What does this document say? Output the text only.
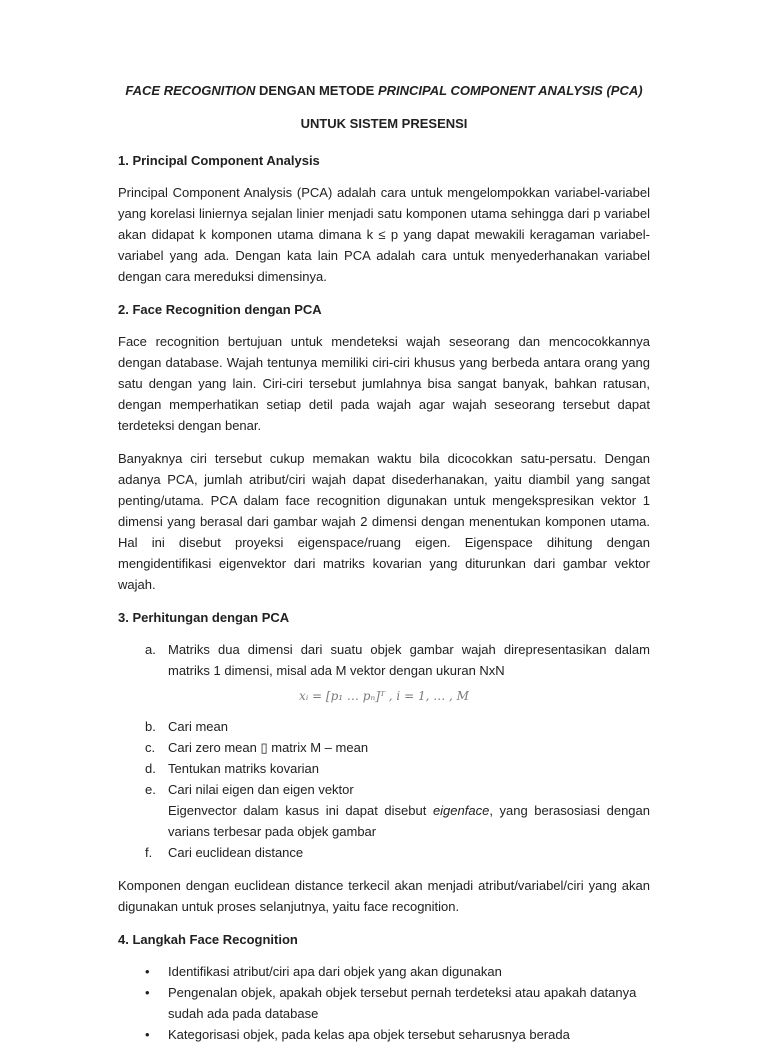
FACE RECOGNITION DENGAN METODE PRINCIPAL COMPONENT ANALYSIS (PCA)
UNTUK SISTEM PRESENSI
1. Principal Component Analysis

Principal Component Analysis (PCA) adalah cara untuk mengelompokkan variabel-variabel yang korelasi liniernya sejalan linier menjadi satu komponen utama sehingga dari p variabel akan didapat k komponen utama dimana k ≤ p yang dapat mewakili keragaman variabel-variabel yang ada. Dengan kata lain PCA adalah cara untuk menyederhanakan variabel dengan cara mereduksi dimensinya.

2. Face Recognition dengan PCA

Face recognition bertujuan untuk mendeteksi wajah seseorang dan mencocokkannya dengan database. Wajah tentunya memiliki ciri-ciri khusus yang berbeda antara orang yang satu dengan yang lain. Ciri-ciri tersebut jumlahnya bisa sangat banyak, bahkan ratusan, dengan memperhatikan setiap detil pada wajah agar wajah seseorang tersebut dapat terdeteksi dengan benar.

Banyaknya ciri tersebut cukup memakan waktu bila dicocokkan satu-persatu. Dengan adanya PCA, jumlah atribut/ciri wajah dapat disederhanakan, yaitu diambil yang sangat penting/utama. PCA dalam face recognition digunakan untuk mengekspresikan vektor 1 dimensi yang berasal dari gambar wajah 2 dimensi dengan menentukan komponen utama. Hal ini disebut proyeksi eigenspace/ruang eigen. Eigenspace dihitung dengan mengidentifikasi eigenvektor dari matriks kovarian yang diturunkan dari gambar vektor wajah.

3. Perhitungan dengan PCA
a. Matriks dua dimensi dari suatu objek gambar wajah direpresentasikan dalam matriks 1 dimensi, misal ada M vektor dengan ukuran NxN
xᵢ = [p₁ … pₙ]ᵀ , i = 1, … , M
b. Cari mean
c. Cari zero mean ▯ matrix M – mean
d. Tentukan matriks kovarian
e. Cari nilai eigen dan eigen vektor
Eigenvector dalam kasus ini dapat disebut eigenface, yang berasosiasi dengan varians terbesar pada objek gambar
f.	Cari euclidean distance

Komponen dengan euclidean distance terkecil akan menjadi atribut/variabel/ciri yang akan digunakan untuk proses selanjutnya, yaitu face recognition.

4. Langkah Face Recognition
•	Identifikasi atribut/ciri apa dari objek yang akan digunakan
•	Pengenalan objek, apakah objek tersebut pernah terdeteksi atau apakah datanya sudah ada pada database
•	Kategorisasi objek, pada kelas apa objek tersebut seharusnya berada
